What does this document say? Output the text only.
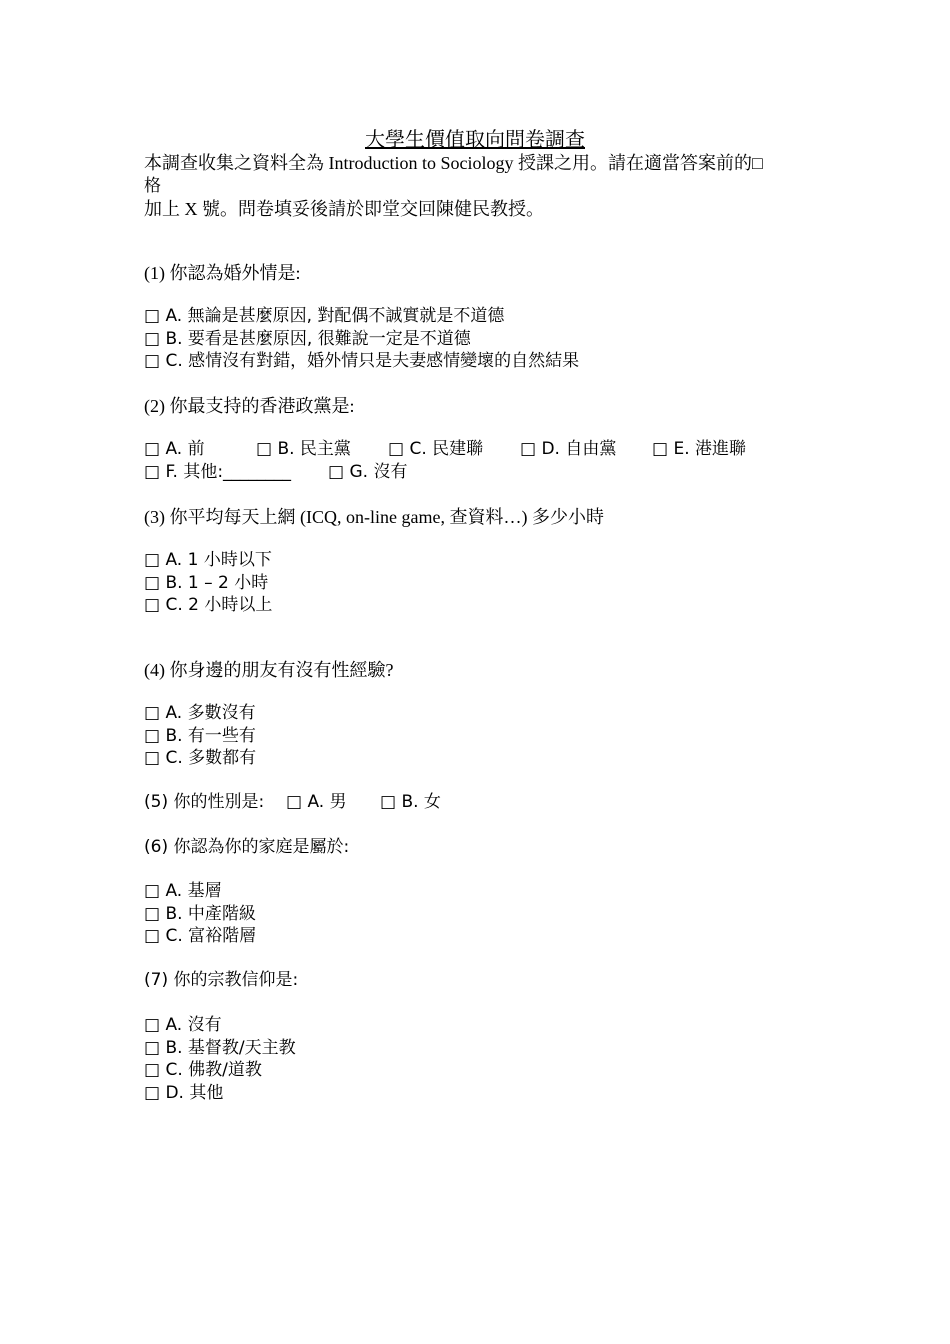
大學生價值取向問卷調查
本調查收集之資料全為 Introduction to Sociology 授課之用。請在適當答案前的□
格
加上 X 號。問卷填妥後請於即堂交回陳健民教授。
(1) 你認為婚外情是:
□ A. 無論是甚麼原因, 對配偶不誠實就是不道德
□ B. 要看是甚麼原因, 很難說一定是不道德
□ C. 感情沒有對錯，婚外情只是夫妻感情變壞的自然結果
(2) 你最支持的香港政黨是:
□ A. 前	□ B. 民主黨 □ C. 民建聯 □ D. 自由黨 □ E. 港進聯
□ F. 其他:________ □ G. 沒有
(3) 你平均每天上網 (ICQ, on-line game, 查資料…) 多少小時
□ A. 1 小時以下
□ B. 1 – 2 小時
□ C. 2 小時以上
(4) 你身邊的朋友有沒有性經驗?
□ A. 多數沒有
□ B. 有一些有
□ C. 多數都有
(5) 你的性別是: □ A. 男 □ B. 女
(6) 你認為你的家庭是屬於:
□ A. 基層
□ B. 中產階級
□ C. 富裕階層
(7) 你的宗教信仰是:
□ A. 沒有
□ B. 基督教/天主教
□ C. 佛教/道教
□ D. 其他
